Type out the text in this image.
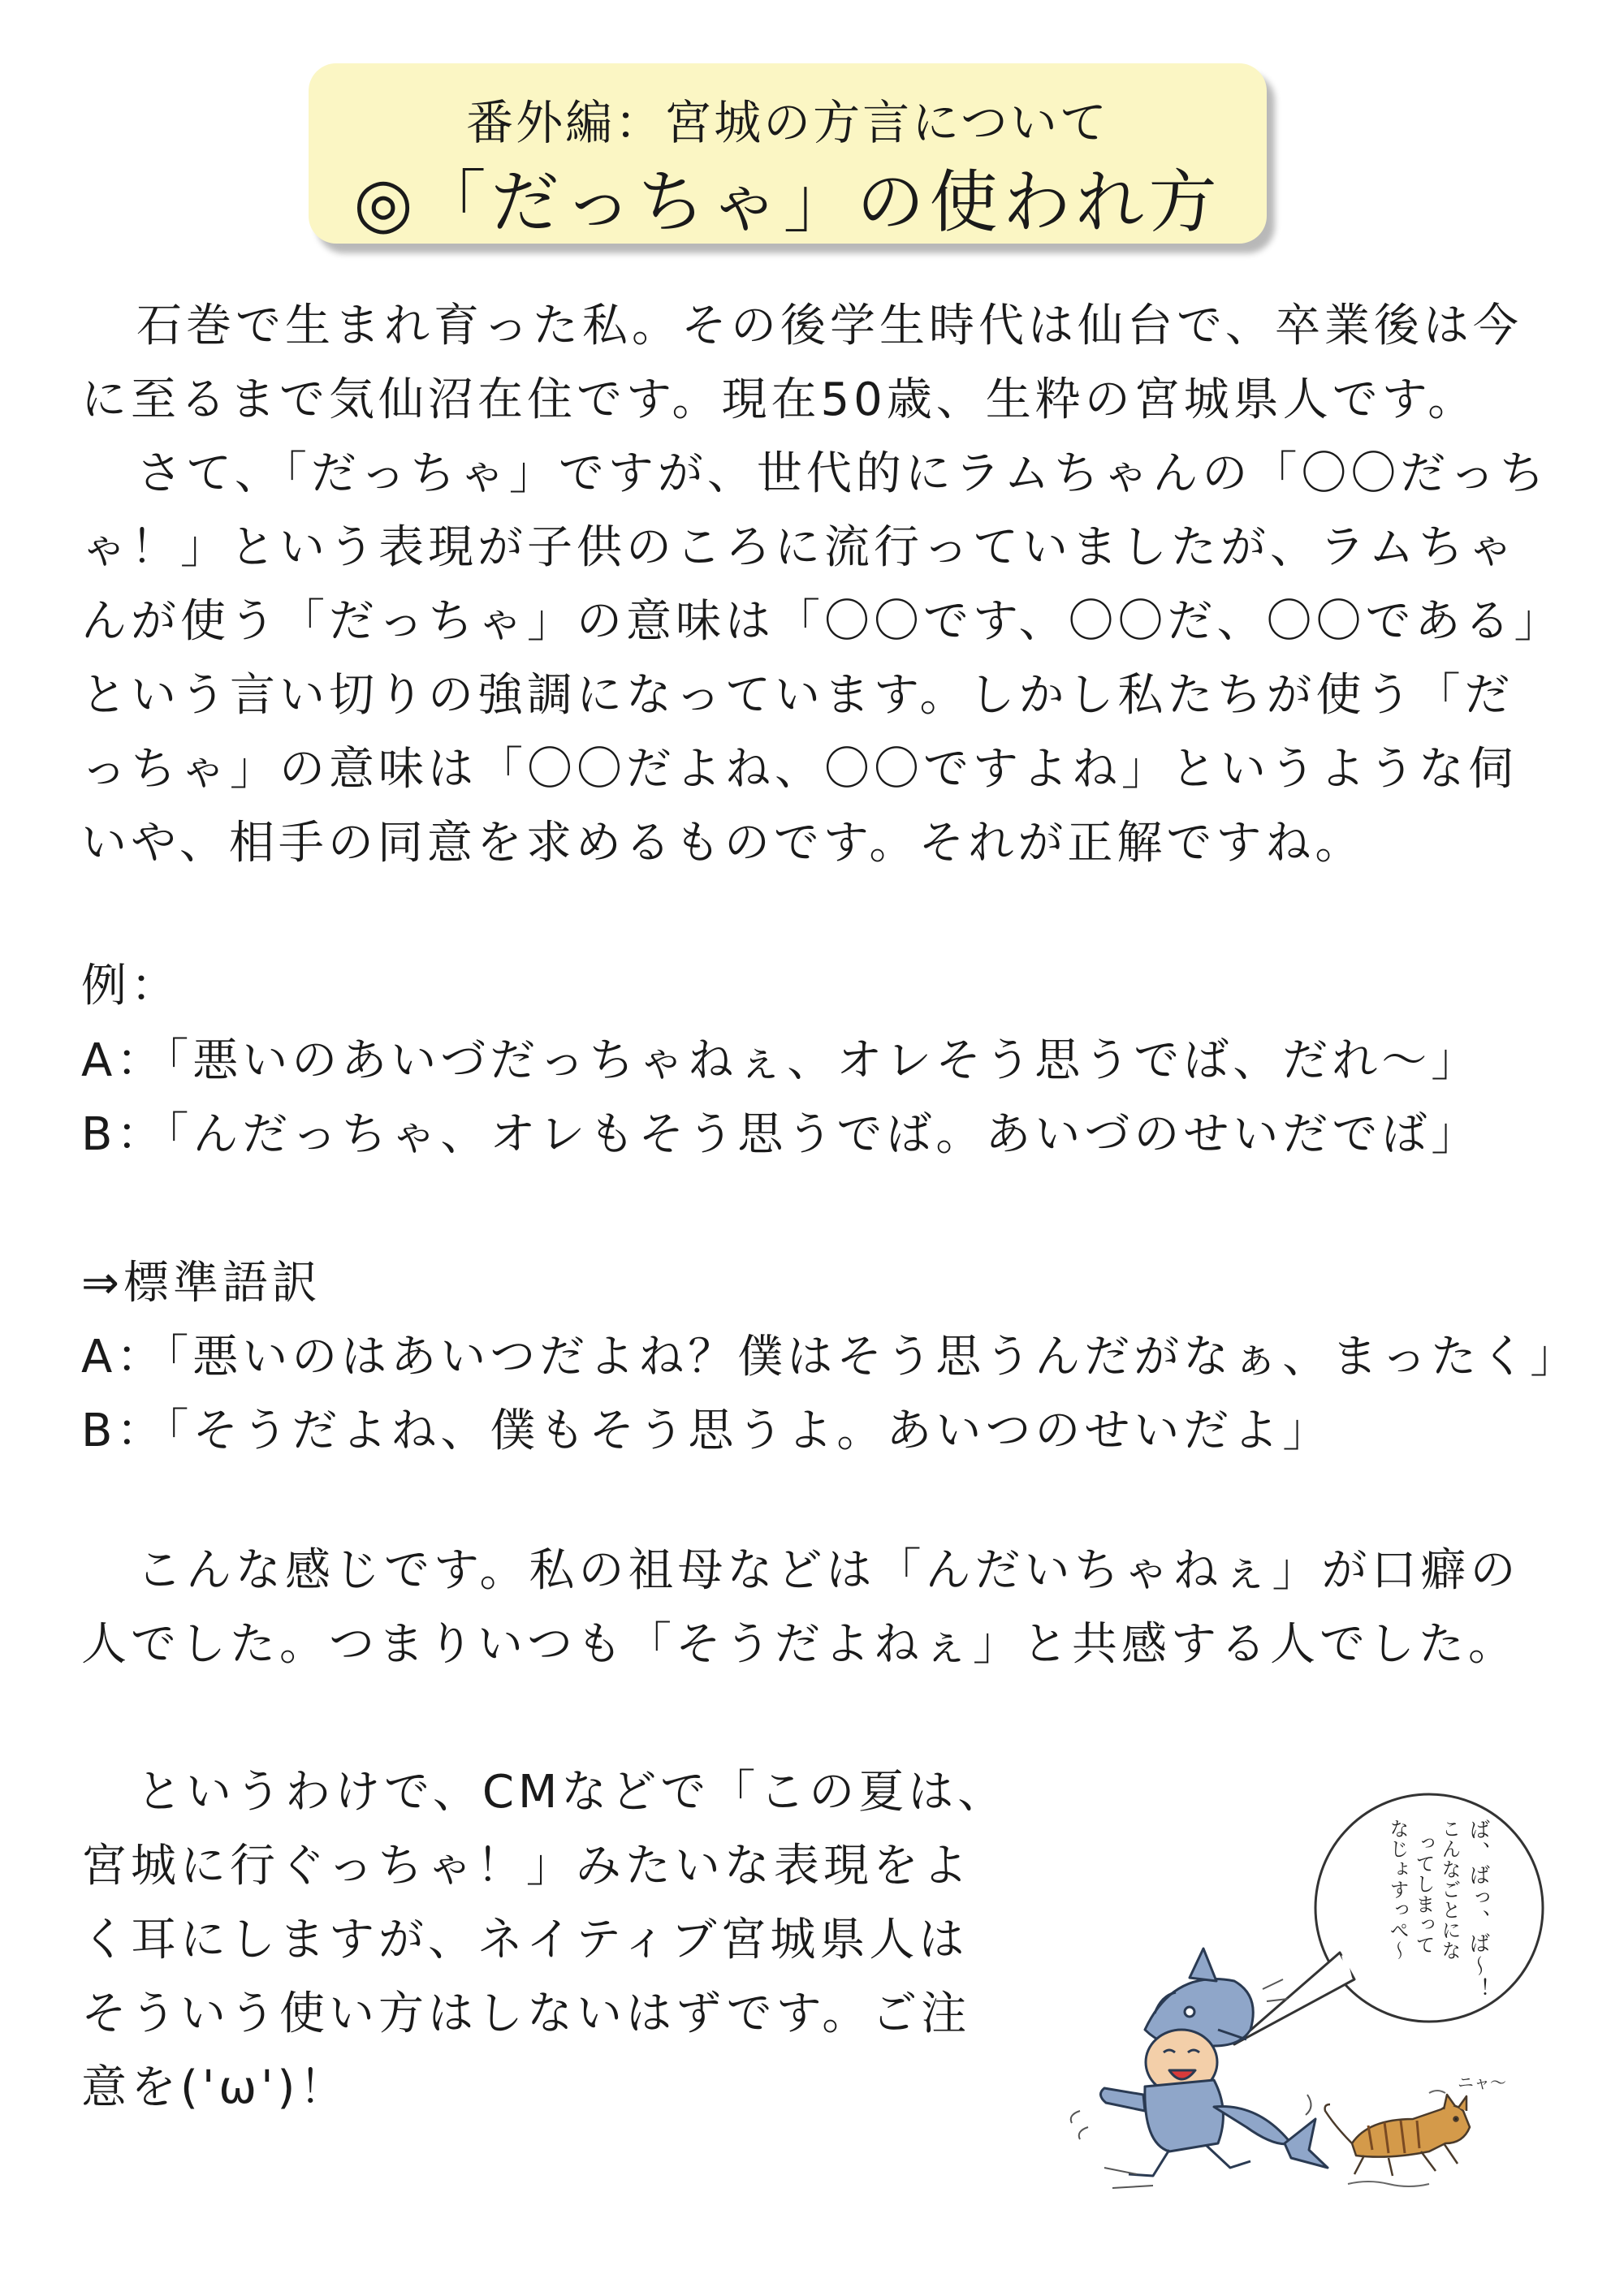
番外編：宮城の方言について
◎「だっちゃ」の使われ方

石巻で生まれ育った私。その後学生時代は仙台で、卒業後は今に至るまで気仙沼在住です。現在50歳、生粋の宮城県人です。

さて、「だっちゃ」ですが、世代的にラムちゃんの「〇〇だっちゃ！」という表現が子供のころに流行っていましたが、ラムちゃんが使う「だっちゃ」の意味は「〇〇です、〇〇だ、〇〇である」という言い切りの強調になっています。しかし私たちが使う「だっちゃ」の意味は「〇〇だよね、〇〇ですよね」というような伺いや、相手の同意を求めるものです。それが正解ですね。

例：
A：「悪いのあいづだっちゃねぇ、オレそう思うでば、だれ～」
B：「んだっちゃ、オレもそう思うでば。あいづのせいだでば」
⇒標準語訳
A：「悪いのはあいつだよね？僕はそう思うんだがなぁ、まったく」
B：「そうだよね、僕もそう思うよ。あいつのせいだよ」

こんな感じです。私の祖母などは「んだいちゃねぇ」が口癖の人でした。つまりいつも「そうだよねぇ」と共感する人でした。

というわけで、CMなどで「この夏は、宮城に行ぐっちゃ！」みたいな表現をよく耳にしますが、ネイティブ宮城県人はそういう使い方はしないはずです。ご注意を('ω')！

ば、ばっ、ば～！
こんなごとにな
ってしまって
なじょすっぺ～
ニャ～
